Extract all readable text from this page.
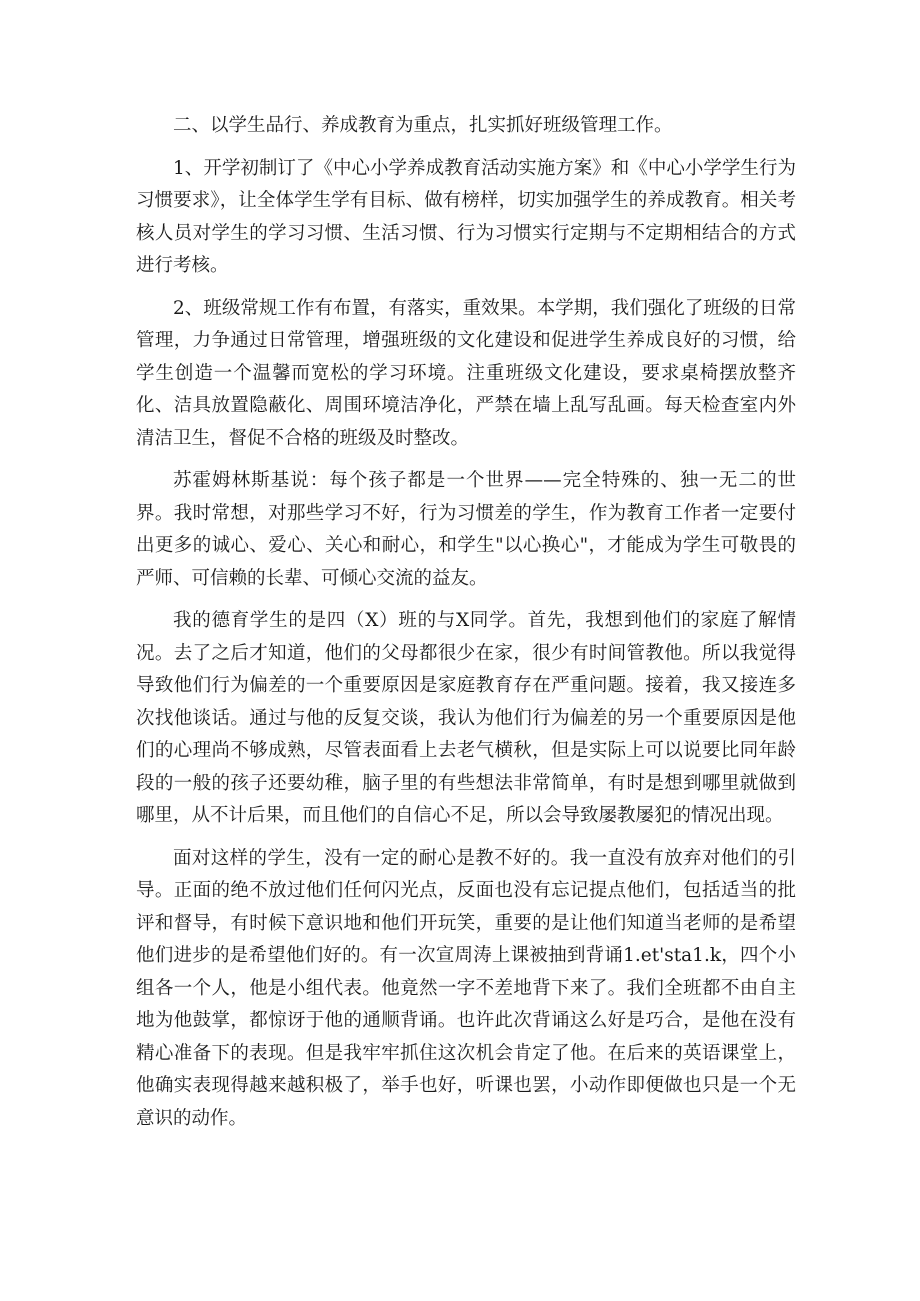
二、以学生品行、养成教育为重点，扎实抓好班级管理工作。

1、开学初制订了《中心小学养成教育活动实施方案》和《中心小学学生行为习惯要求》，让全体学生学有目标、做有榜样，切实加强学生的养成教育。相关考核人员对学生的学习习惯、生活习惯、行为习惯实行定期与不定期相结合的方式进行考核。

2、班级常规工作有布置，有落实，重效果。本学期，我们强化了班级的日常管理，力争通过日常管理，增强班级的文化建设和促进学生养成良好的习惯，给学生创造一个温馨而宽松的学习环境。注重班级文化建设，要求桌椅摆放整齐化、洁具放置隐蔽化、周围环境洁净化，严禁在墙上乱写乱画。每天检查室内外清洁卫生，督促不合格的班级及时整改。

苏霍姆林斯基说：每个孩子都是一个世界——完全特殊的、独一无二的世界。我时常想，对那些学习不好，行为习惯差的学生，作为教育工作者一定要付出更多的诚心、爱心、关心和耐心，和学生"以心换心"，才能成为学生可敬畏的严师、可信赖的长辈、可倾心交流的益友。

我的德育学生的是四（X）班的与X同学。首先，我想到他们的家庭了解情况。去了之后才知道，他们的父母都很少在家，很少有时间管教他。所以我觉得导致他们行为偏差的一个重要原因是家庭教育存在严重问题。接着，我又接连多次找他谈话。通过与他的反复交谈，我认为他们行为偏差的另一个重要原因是他们的心理尚不够成熟，尽管表面看上去老气横秋，但是实际上可以说要比同年龄段的一般的孩子还要幼稚，脑子里的有些想法非常简单，有时是想到哪里就做到哪里，从不计后果，而且他们的自信心不足，所以会导致屡教屡犯的情况出现。

面对这样的学生，没有一定的耐心是教不好的。我一直没有放弃对他们的引导。正面的绝不放过他们任何闪光点，反面也没有忘记提点他们，包括适当的批评和督导，有时候下意识地和他们开玩笑，重要的是让他们知道当老师的是希望他们进步的是希望他们好的。有一次宣周涛上课被抽到背诵1.et'sta1.k，四个小组各一个人，他是小组代表。他竟然一字不差地背下来了。我们全班都不由自主地为他鼓掌，都惊讶于他的通顺背诵。也许此次背诵这么好是巧合，是他在没有精心准备下的表现。但是我牢牢抓住这次机会肯定了他。在后来的英语课堂上，他确实表现得越来越积极了，举手也好，听课也罢，小动作即便做也只是一个无意识的动作。
